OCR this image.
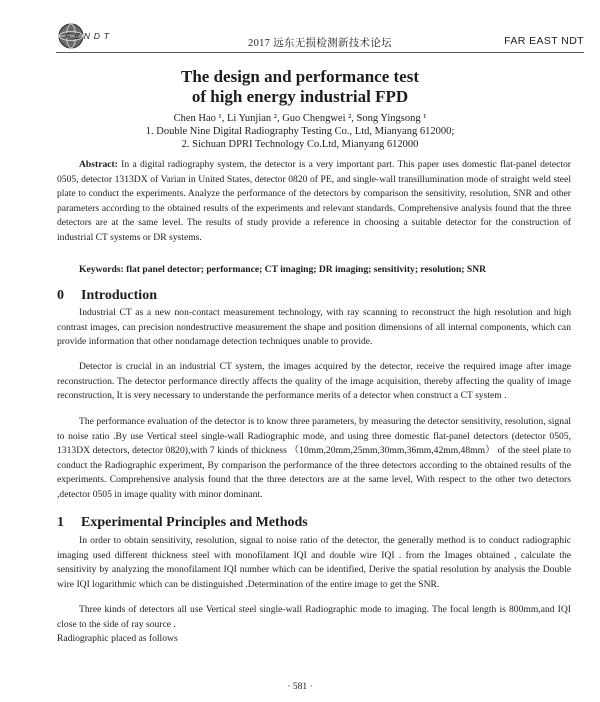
FENDT
2017 远东无损检测新技术论坛	FAR EAST NDT
The design and performance test
of high energy industrial FPD
Chen Hao ¹, Li Yunjian ², Guo Chengwei ², Song Yingsong ¹
1. Double Nine Digital Radiography Testing Co., Ltd, Mianyang 612000;
2. Sichuan DPRI Technology Co.Ltd, Mianyang 612000
Abstract: In a digital radiography system, the detector is a very important part. This paper uses domestic flat-panel detector 0505, detector 1313DX of Varian in United States, detector 0820 of PE, and single-wall transillumination mode of straight weld steel plate to conduct the experiments. Analyze the performance of the detectors by comparison the sensitivity, resolution, SNR and other parameters according to the obtained results of the experiments and relevant standards. Comprehensive analysis found that the three detectors are at the same level. The results of study provide a reference in choosing a suitable detector for the construction of industrial CT systems or DR systems.
Keywords: flat panel detector; performance; CT imaging; DR imaging; sensitivity; resolution; SNR
0 Introduction
Industrial CT as a new non-contact measurement technology, with ray scanning to reconstruct the high resolution and high contrast images, can precision nondestructive measurement the shape and position dimensions of all internal components, which can provide information that other nondamage detection techniques unable to provide.
Detector is crucial in an industrial CT system, the images acquired by the detector, receive the required image after image reconstruction. The detector performance directly affects the quality of the image acquisition, thereby affecting the quality of image reconstruction, It is very necessary to understande the performance merits of a detector when construct a CT system .
The performance evaluation of the detector is to know three parameters, by measuring the detector sensitivity, resolution, signal to noise ratio .By use Vertical steel single-wall Radiographic mode, and using three domestic flat-panel detectors (detector 0505, 1313DX detectors, detector 0820),with 7 kinds of thickness （10mm,20mm,25mm,30mm,36mm,42mm,48mm） of the steel plate to conduct the Radiographic experiment, By comparison the performance of the three detectors according to the obtained results of the experiments. Comprehensive analysis found that the three detectors are at the same level, With respect to the other two detectors ,detector 0505 in image quality with minor dominant.
1 Experimental Principles and Methods
In order to obtain sensitivity, resolution, signal to noise ratio of the detector, the generally method is to conduct radiographic imaging used different thickness steel with monofilament IQI and double wire IQI . from the Images obtained , calculate the sensitivity by analyzing the monofilament IQI number which can be identified, Derive the spatial resolution by analysis the Double wire IQI logarithmic which can be distinguished .Determination of the entire image to get the SNR.
Three kinds of detectors all use Vertical steel single-wall Radiographic mode to imaging. The focal length is 800mm,and IQI close to the side of ray source .
Radiographic placed as follows
· 581 ·
